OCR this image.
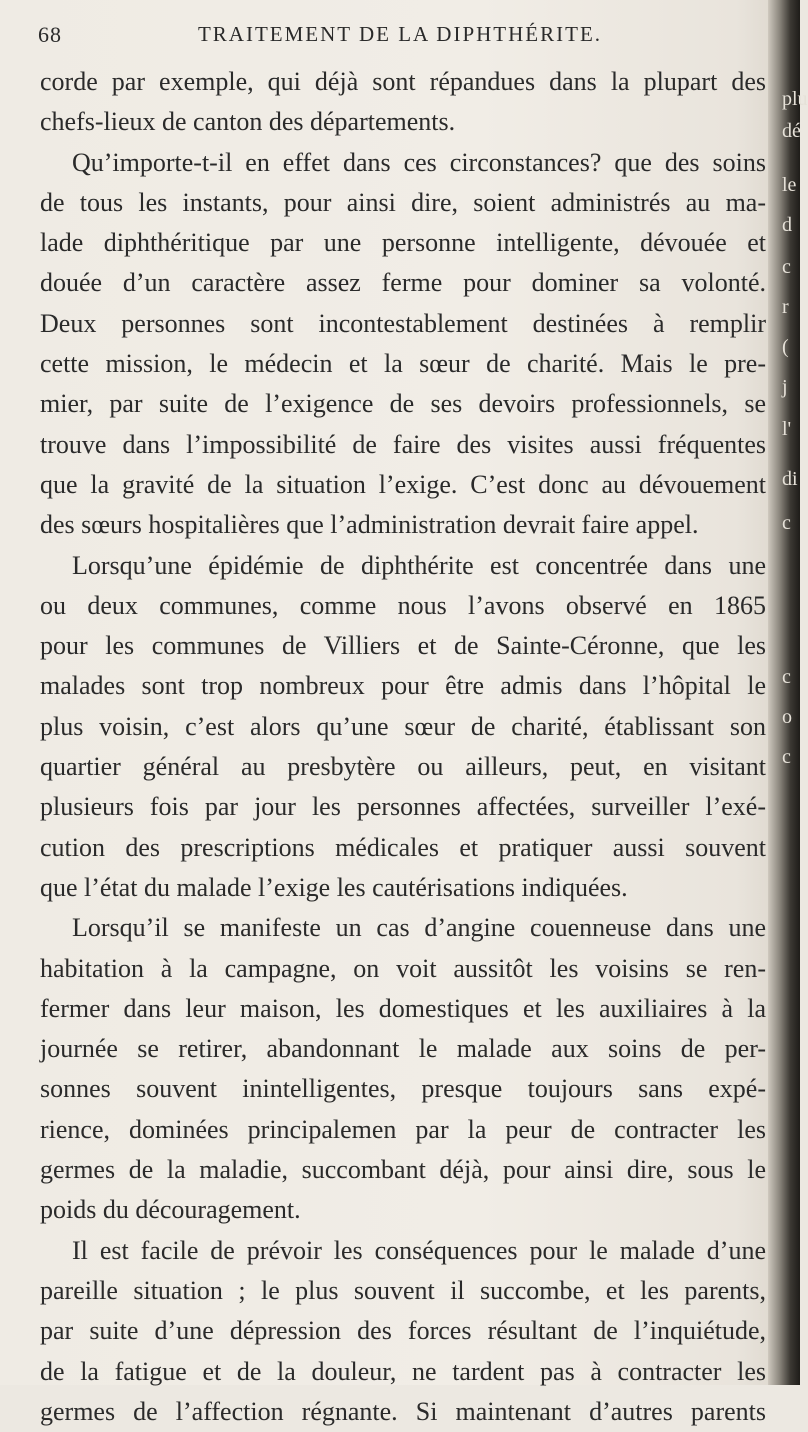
68	TRAITEMENT DE LA DIPHTHÉRITE.
corde par exemple, qui déjà sont répandues dans la plupart des
chefs-lieux de canton des départements.
Qu’importe-t-il en effet dans ces circonstances? que des soins
de tous les instants, pour ainsi dire, soient administrés au ma-
lade diphthéritique par une personne intelligente, dévouée et
douée d’un caractère assez ferme pour dominer sa volonté.
Deux personnes sont incontestablement destinées à remplir
cette mission, le médecin et la sœur de charité. Mais le pre-
mier, par suite de l’exigence de ses devoirs professionnels, se
trouve dans l’impossibilité de faire des visites aussi fréquentes
que la gravité de la situation l’exige. C’est donc au dévouement
des sœurs hospitalières que l’administration devrait faire appel.
Lorsqu’une épidémie de diphthérite est concentrée dans une
ou deux communes, comme nous l’avons observé en 1865
pour les communes de Villiers et de Sainte-Céronne, que les
malades sont trop nombreux pour être admis dans l’hôpital le
plus voisin, c’est alors qu’une sœur de charité, établissant son
quartier général au presbytère ou ailleurs, peut, en visitant
plusieurs fois par jour les personnes affectées, surveiller l’exé-
cution des prescriptions médicales et pratiquer aussi souvent
que l’état du malade l’exige les cautérisations indiquées.
Lorsqu’il se manifeste un cas d’angine couenneuse dans une
habitation à la campagne, on voit aussitôt les voisins se ren-
fermer dans leur maison, les domestiques et les auxiliaires à la
journée se retirer, abandonnant le malade aux soins de per-
sonnes souvent inintelligentes, presque toujours sans expé-
rience, dominées principalemen par la peur de contracter les
germes de la maladie, succombant déjà, pour ainsi dire, sous le
poids du découragement.
Il est facile de prévoir les conséquences pour le malade d’une
pareille situation ; le plus souvent il succombe, et les parents,
par suite d’une dépression des forces résultant de l’inquiétude,
de la fatigue et de la douleur, ne tardent pas à contracter les
germes de l’affection régnante. Si maintenant d’autres parents
plu
dé
le
d
c
r
(
j
l'
di
c
c
o
c
